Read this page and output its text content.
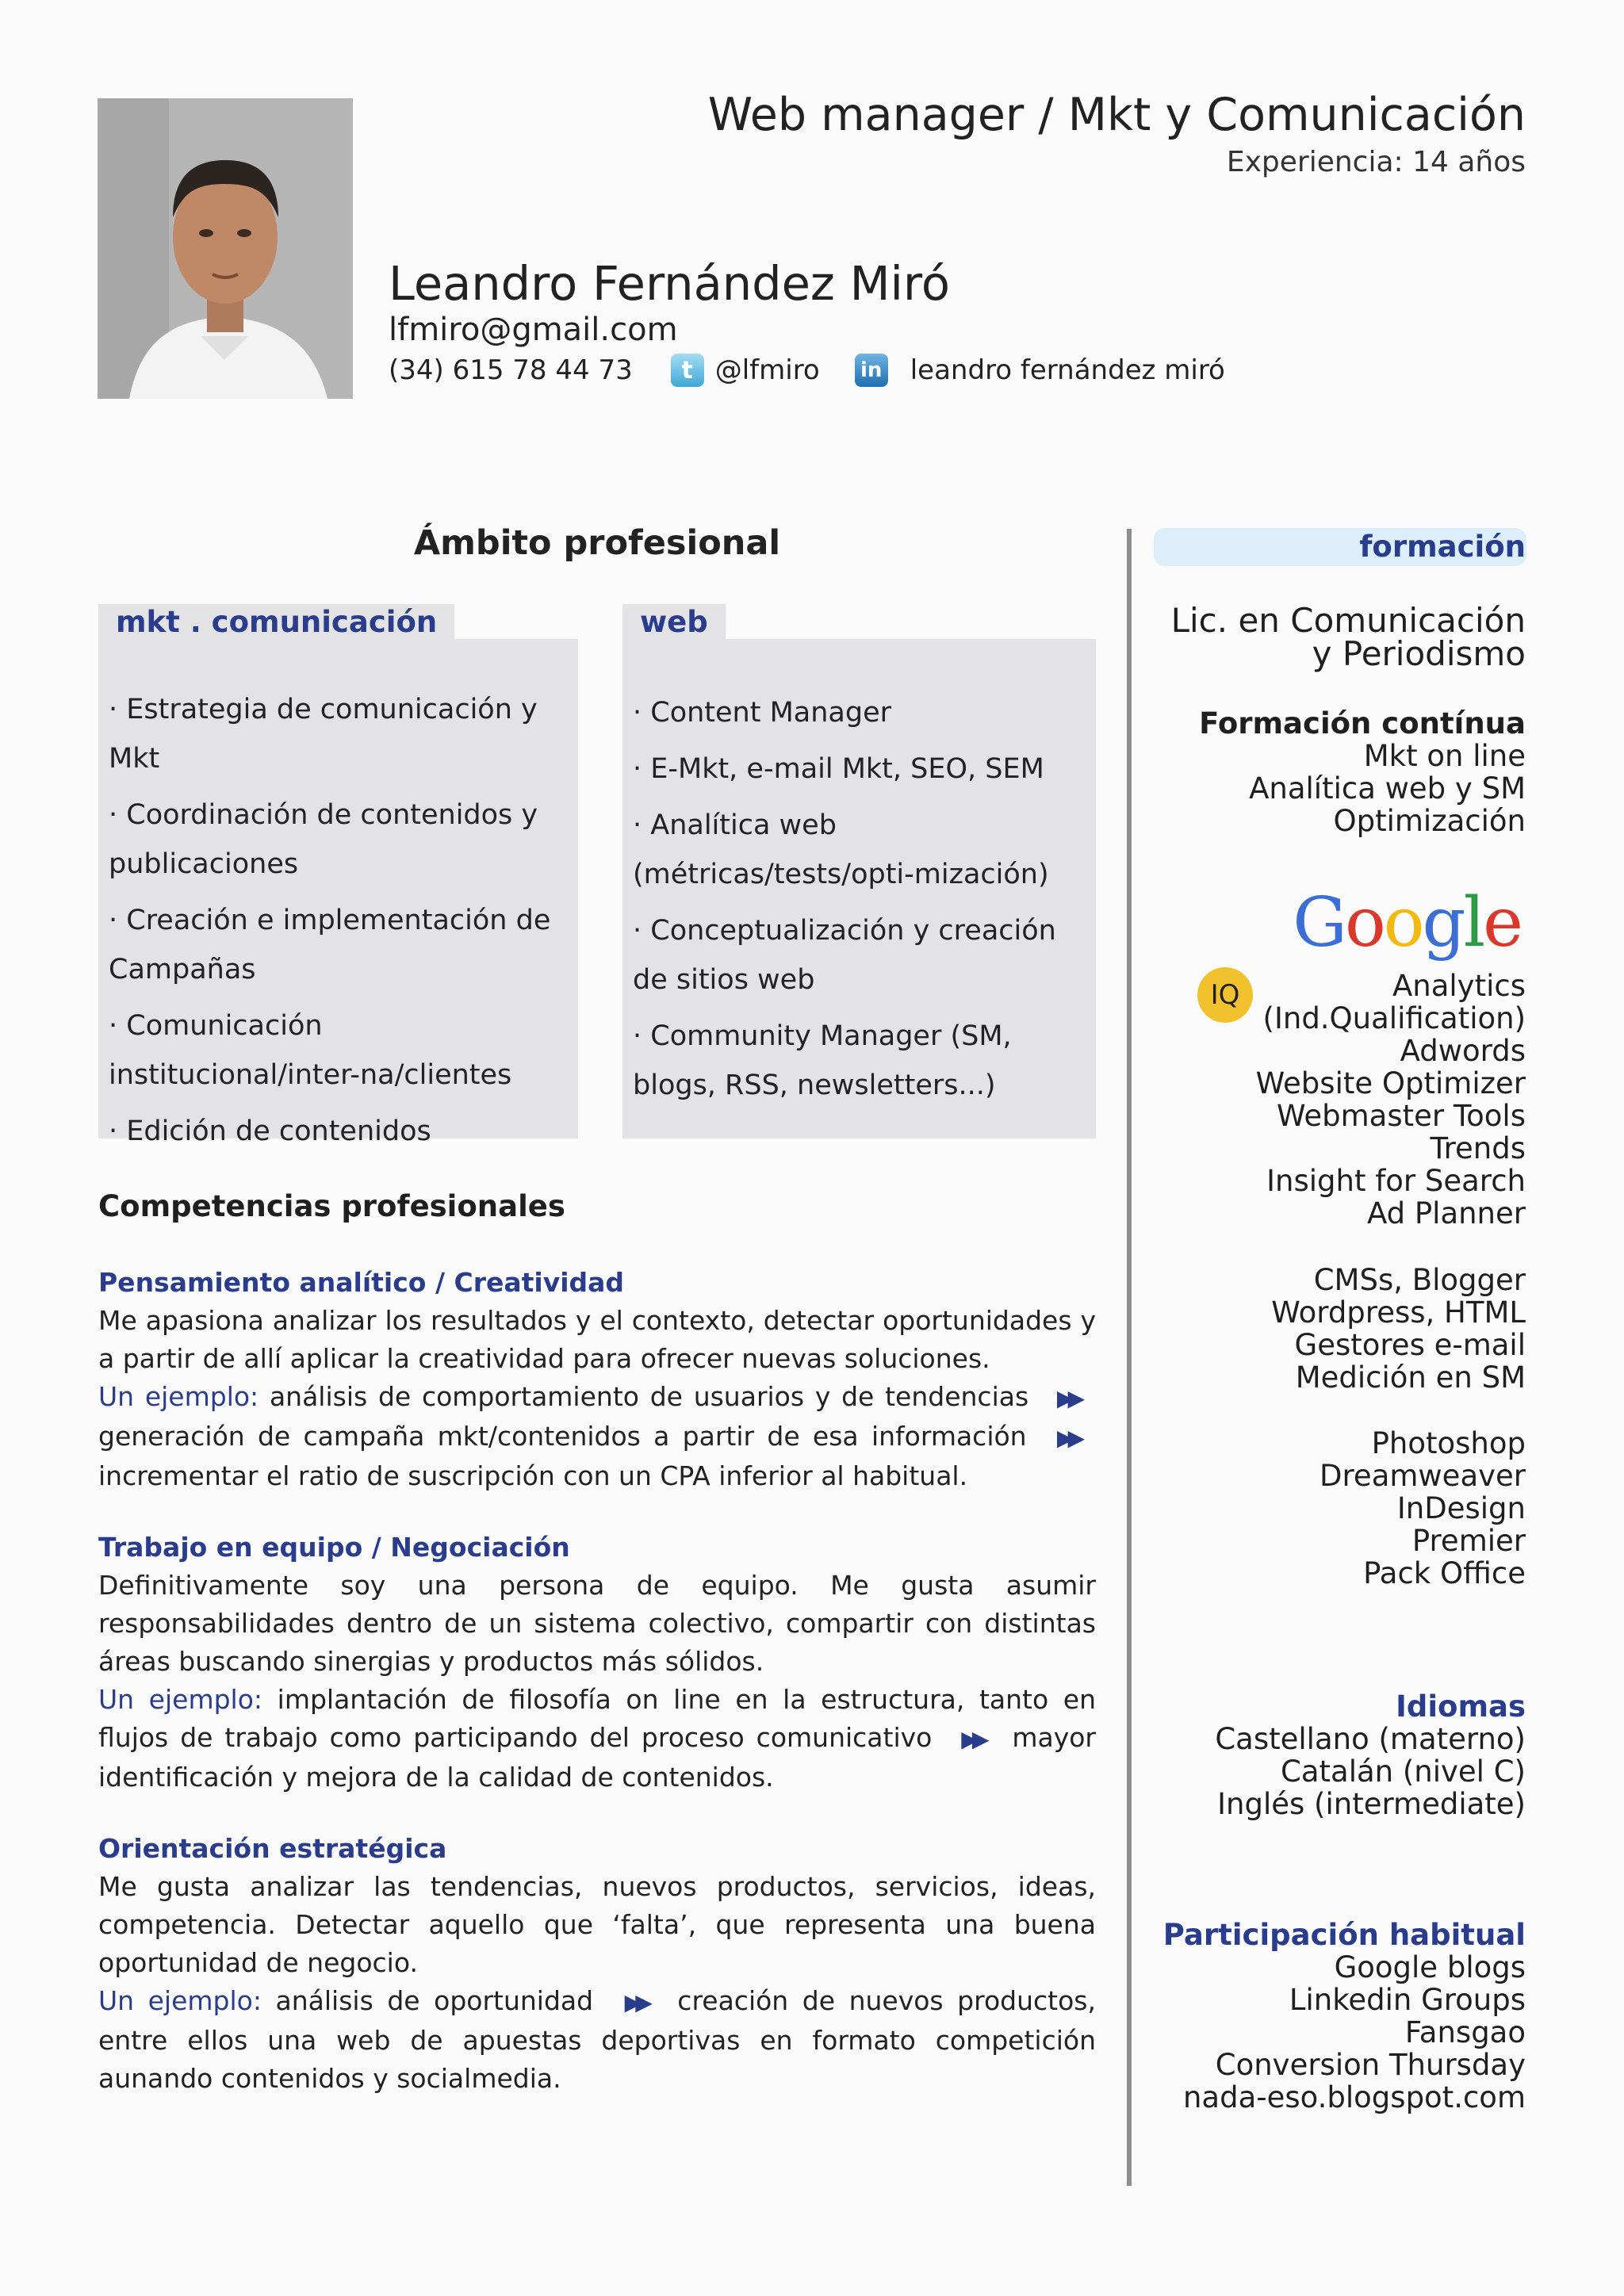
Web manager / Mkt y Comunicación
Experiencia: 14 años
Leandro Fernández Miró
lfmiro@gmail.com
(34) 615 78 44 73	t @lfmiro in leandro fernández miró
Ámbito profesional
mkt . comunicación
· Estrategia de comunicación y Mkt
· Coordinación de contenidos y publicaciones
· Creación e implementación de Campañas
· Comunicación institucional/inter-na/clientes
· Edición de contenidos
web
· Content Manager
· E-Mkt, e-mail Mkt, SEO, SEM
· Analítica web (métricas/tests/opti-mización)
· Conceptualización y creación de sitios web
· Community Manager (SM, blogs, RSS, newsletters...)
Competencias profesionales
Pensamiento analítico / Creatividad
Me apasiona analizar los resultados y el contexto, detectar oportunidades y a partir de allí aplicar la creatividad para ofrecer nuevas soluciones.
Un ejemplo: análisis de comportamiento de usuarios y de tendencias ▶▶ generación de campaña mkt/contenidos a partir de esa información ▶▶ incrementar el ratio de suscripción con un CPA inferior al habitual.
Trabajo en equipo / Negociación
Definitivamente soy una persona de equipo. Me gusta asumir responsabilidades dentro de un sistema colectivo, compartir con distintas áreas buscando sinergias y productos más sólidos.
Un ejemplo: implantación de filosofía on line en la estructura, tanto en flujos de trabajo como participando del proceso comunicativo ▶▶ mayor identificación y mejora de la calidad de contenidos.
Orientación estratégica
Me gusta analizar las tendencias, nuevos productos, servicios, ideas, competencia. Detectar aquello que ‘falta’, que representa una buena oportunidad de negocio.
Un ejemplo: análisis de oportunidad ▶▶ creación de nuevos productos, entre ellos una web de apuestas deportivas en formato competición aunando contenidos y socialmedia.
formación
Lic. en Comunicación
y Periodismo
Formación contínua
Mkt on line
Analítica web y SM
Optimización
Google
IQ	Analytics
(Ind.Qualification)
Adwords
Website Optimizer
Webmaster Tools
Trends
Insight for Search
Ad Planner
CMSs, Blogger
Wordpress, HTML
Gestores e-mail
Medición en SM
Photoshop
Dreamweaver
InDesign
Premier
Pack Office
Idiomas
Castellano (materno)
Catalán (nivel C)
Inglés (intermediate)
Participación habitual
Google blogs
Linkedin Groups
Fansgao
Conversion Thursday
nada-eso.blogspot.com
